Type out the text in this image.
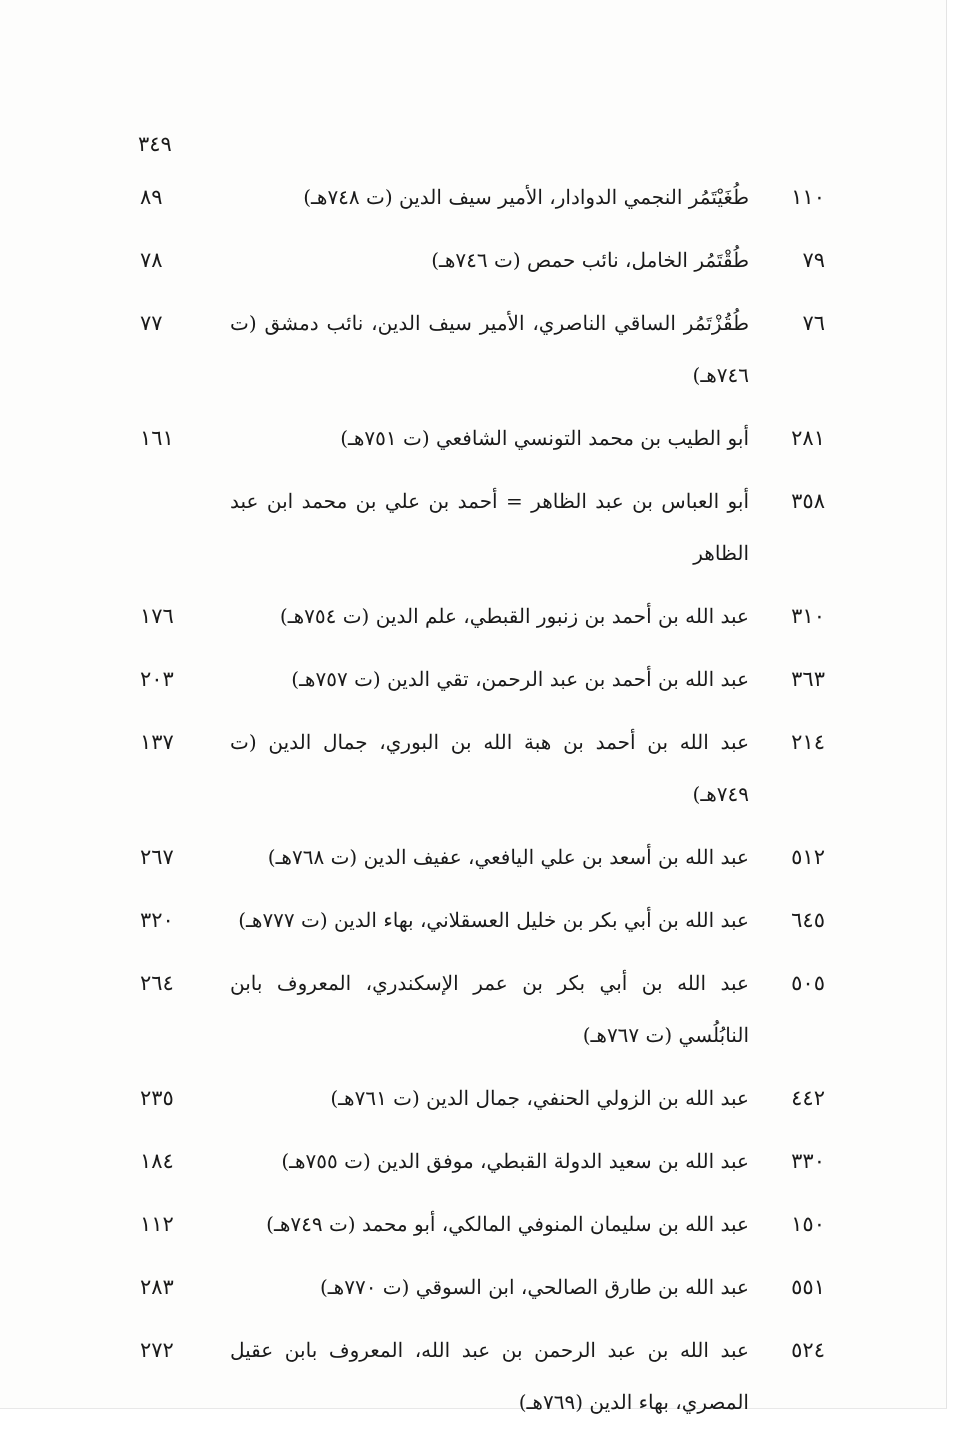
٣٤٩
١١٠
طُغَيْتَمُر النجمي الدوادار، الأمير سيف الدين (ت ٧٤٨هـ)
٨٩
٧٩
طُقْتَمُر الخامل، نائب حمص (ت ٧٤٦هـ)
٧٨
٧٦
طُقُزْتَمُر الساقي الناصري، الأمير سيف الدين، نائب دمشق (ت ٧٤٦هـ)
٧٧
٢٨١
أبو الطيب بن محمد التونسي الشافعي (ت ٧٥١هـ)
١٦١
٣٥٨
أبو العباس بن عبد الظاهر = أحمد بن علي بن محمد ابن عبد الظاهر
٣١٠
عبد الله بن أحمد بن زنبور القبطي، علم الدين (ت ٧٥٤هـ)
١٧٦
٣٦٣
عبد الله بن أحمد بن عبد الرحمن، تقي الدين (ت ٧٥٧هـ)
٢٠٣
٢١٤
عبد الله بن أحمد بن هبة الله بن البوري، جمال الدين (ت ٧٤٩هـ)
١٣٧
٥١٢
عبد الله بن أسعد بن علي اليافعي، عفيف الدين (ت ٧٦٨هـ)
٢٦٧
٦٤٥
عبد الله بن أبي بكر بن خليل العسقلاني، بهاء الدين (ت ٧٧٧هـ)
٣٢٠
٥٠٥
عبد الله بن أبي بكر بن عمر الإسكندري، المعروف بابن النابُلُسي (ت ٧٦٧هـ)
٢٦٤
٤٤٢
عبد الله بن الزولي الحنفي، جمال الدين (ت ٧٦١هـ)
٢٣٥
٣٣٠
عبد الله بن سعيد الدولة القبطي، موفق الدين (ت ٧٥٥هـ)
١٨٤
١٥٠
عبد الله بن سليمان المنوفي المالكي، أبو محمد (ت ٧٤٩هـ)
١١٢
٥٥١
عبد الله بن طارق الصالحي، ابن السوقي (ت ٧٧٠هـ)
٢٨٣
٥٢٤
عبد الله بن عبد الرحمن بن عبد الله، المعروف بابن عقيل المصري، بهاء الدين (٧٦٩هـ)
٢٧٢
